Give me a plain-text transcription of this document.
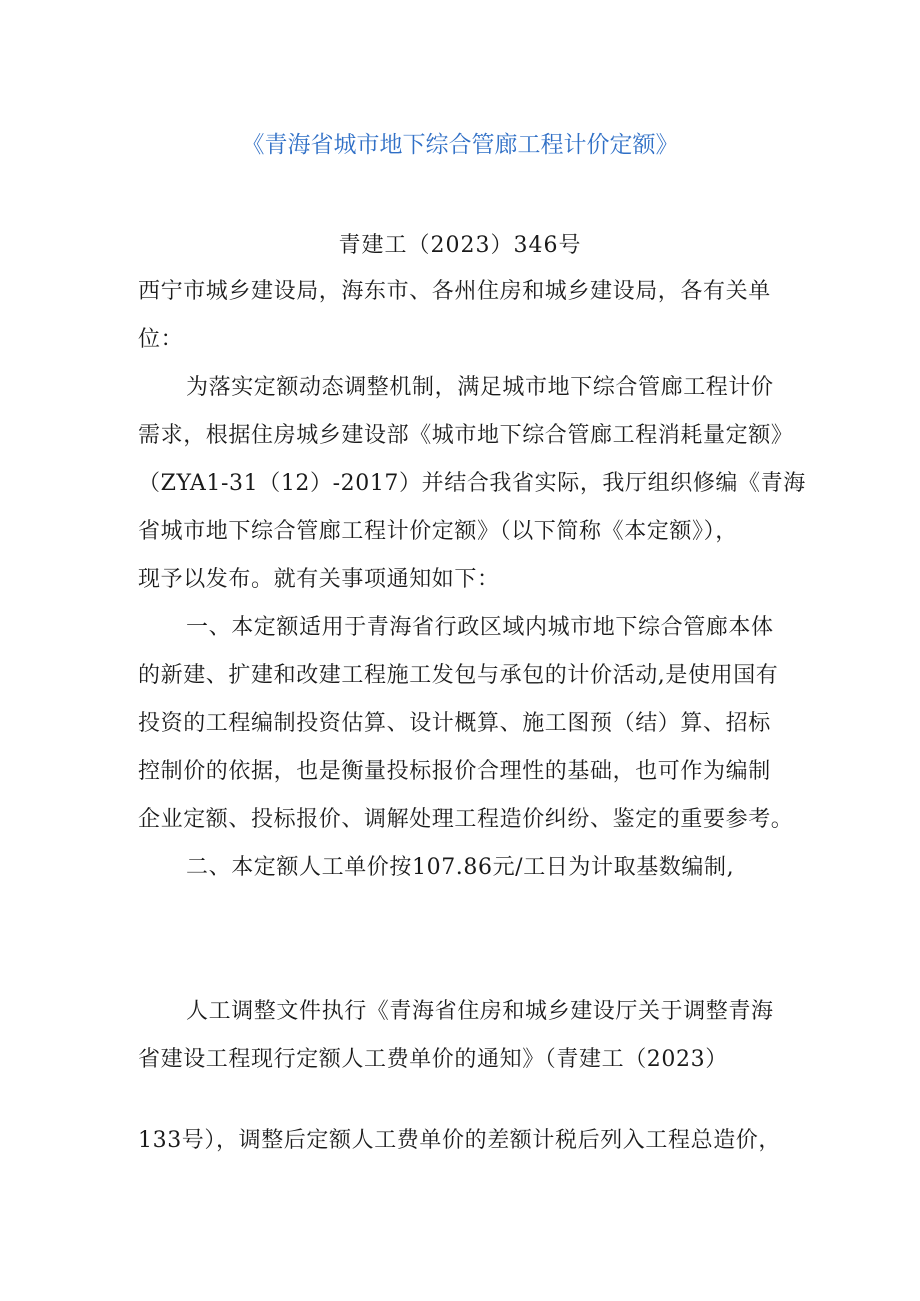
《青海省城市地下综合管廊工程计价定额》
青建工（2023）346号
西宁市城乡建设局，海东市、各州住房和城乡建设局，各有关单
位：
为落实定额动态调整机制，满足城市地下综合管廊工程计价
需求，根据住房城乡建设部《城市地下综合管廊工程消耗量定额》
（ZYA1-31（12）-2017）并结合我省实际，我厅组织修编《青海
省城市地下综合管廊工程计价定额》（以下简称《本定额》），
现予以发布。就有关事项通知如下：
一、本定额适用于青海省行政区域内城市地下综合管廊本体
的新建、扩建和改建工程施工发包与承包的计价活动,是使用国有
投资的工程编制投资估算、设计概算、施工图预（结）算、招标
控制价的依据，也是衡量投标报价合理性的基础，也可作为编制
企业定额、投标报价、调解处理工程造价纠纷、鉴定的重要参考。
二、本定额人工单价按107.86元/工日为计取基数编制,
人工调整文件执行《青海省住房和城乡建设厅关于调整青海
省建设工程现行定额人工费单价的通知》（青建工（2023）
133号），调整后定额人工费单价的差额计税后列入工程总造价，
